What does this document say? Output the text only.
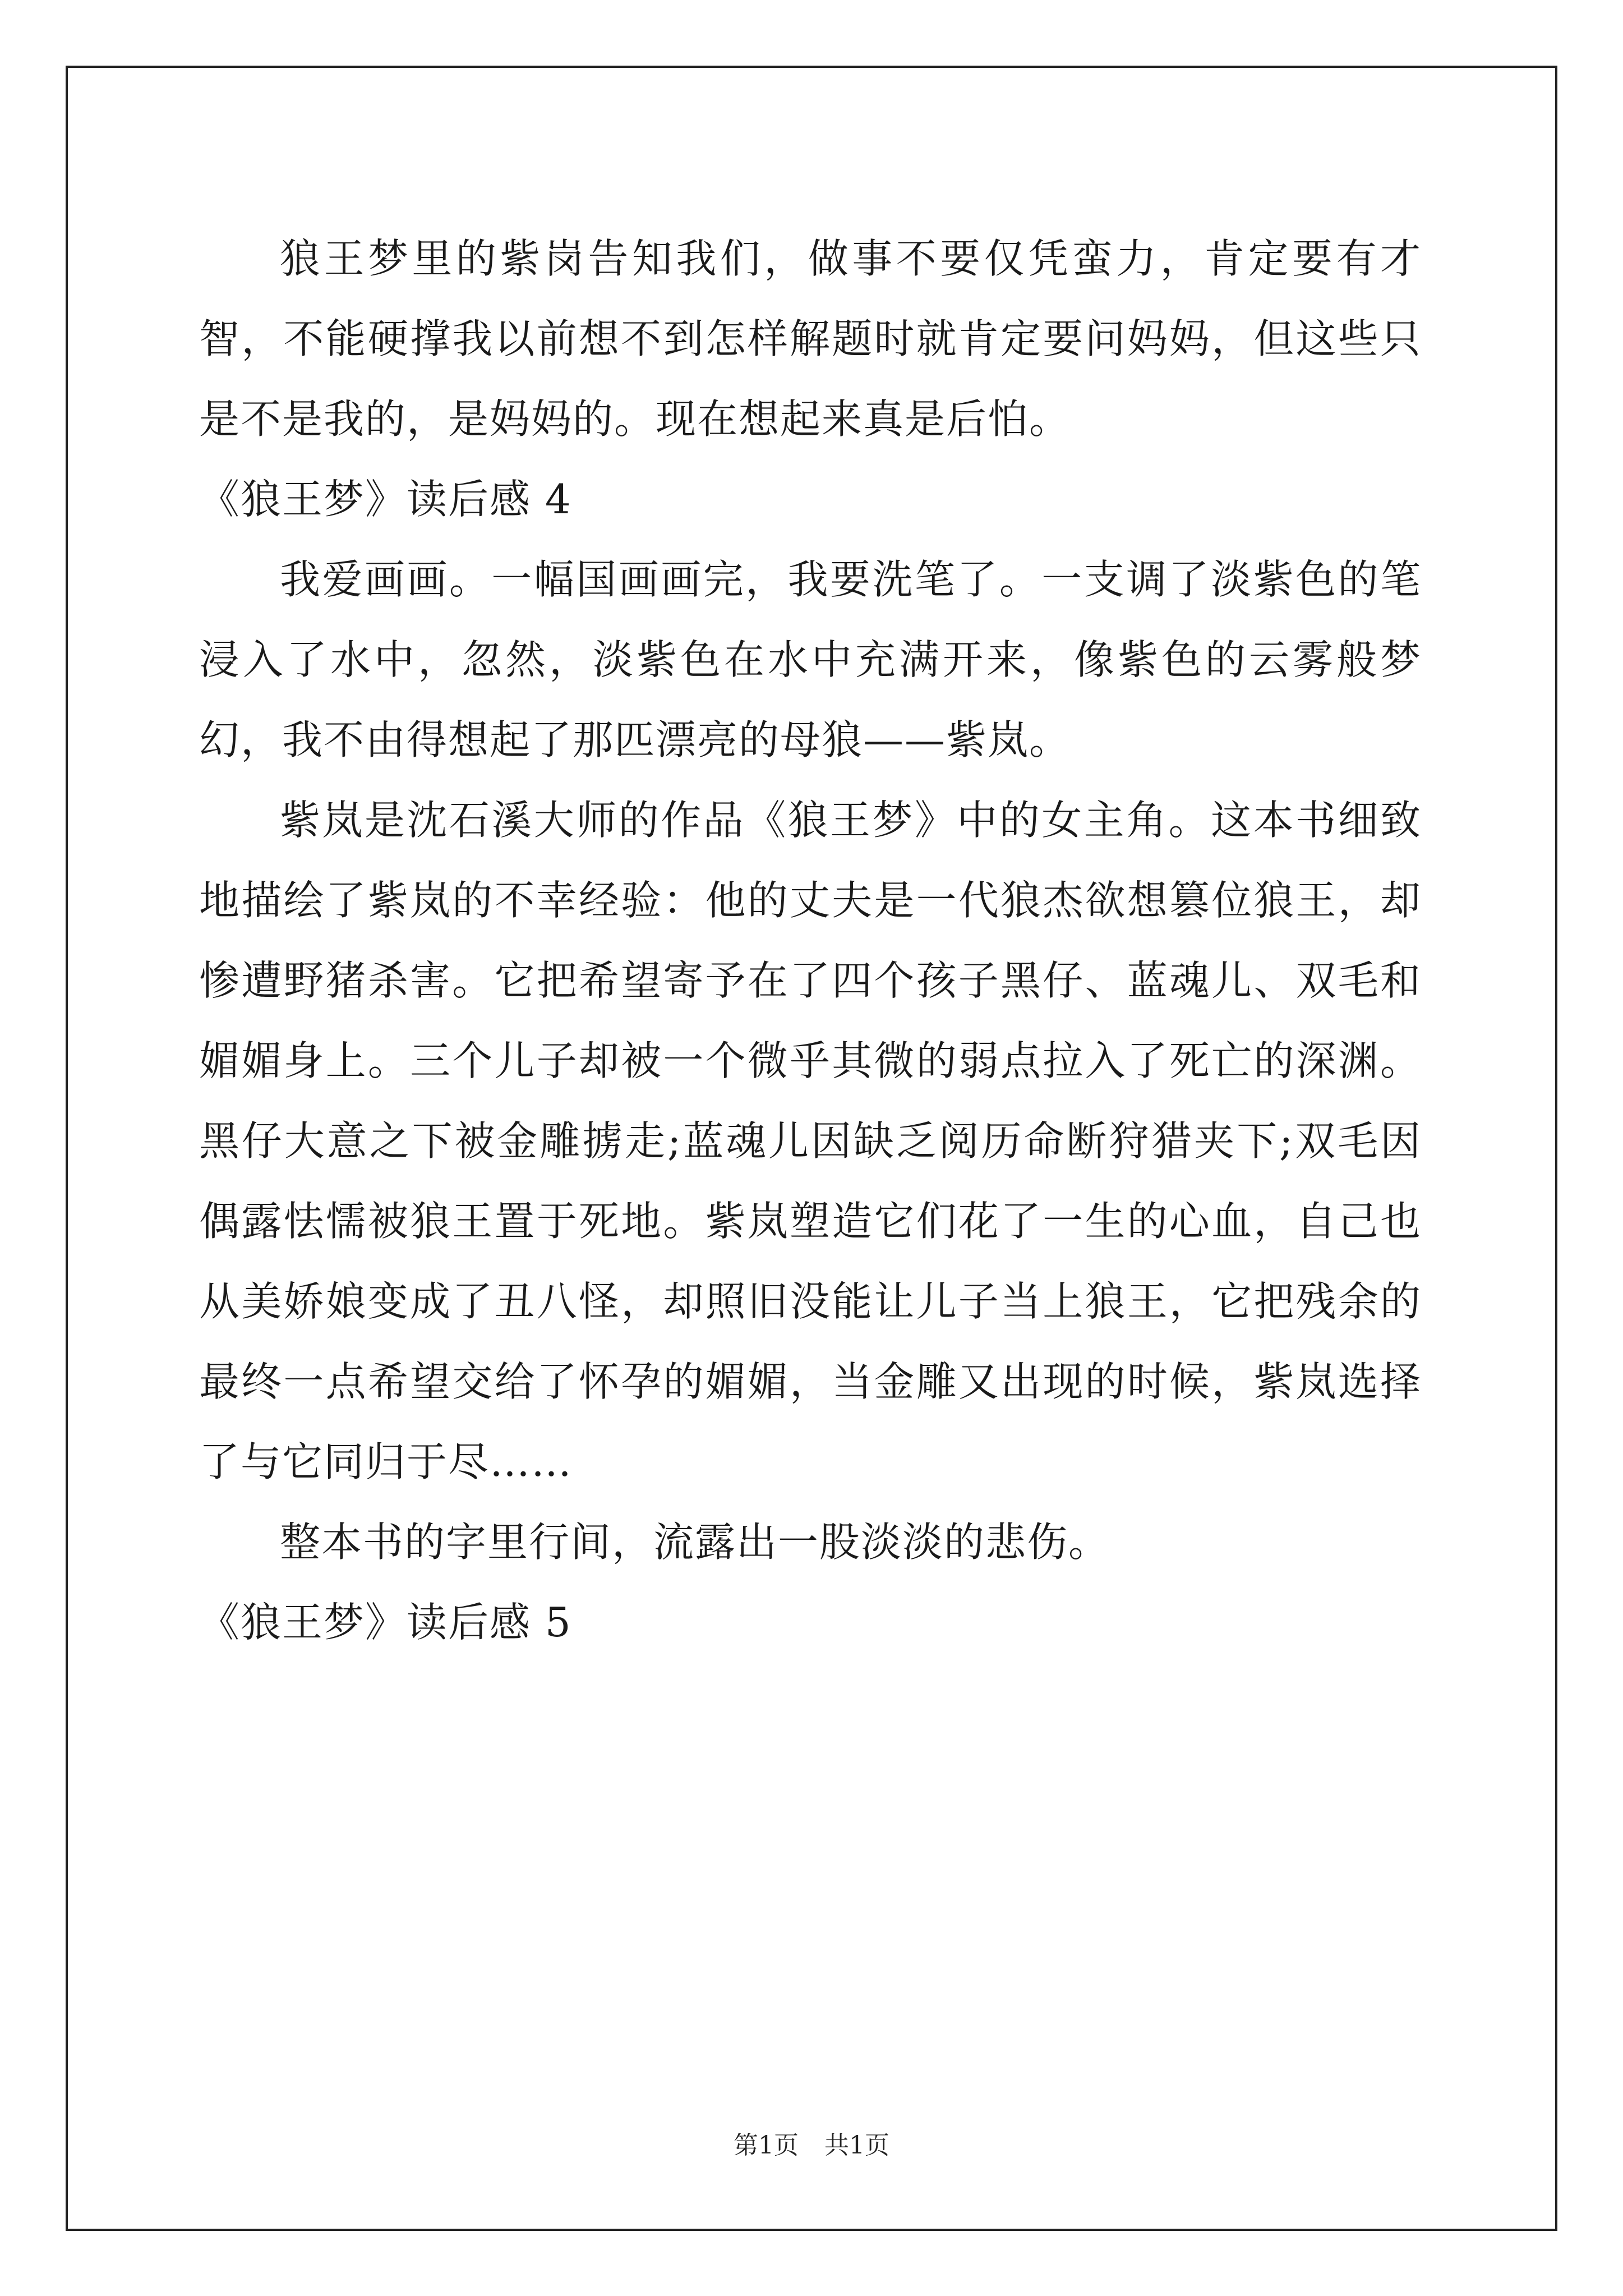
狼王梦里的紫岗告知我们，做事不要仅凭蛮力，肯定要有才智，不能硬撑我以前想不到怎样解题时就肯定要问妈妈，但这些只是不是我的，是妈妈的。现在想起来真是后怕。

《狼王梦》读后感 4

我爱画画。一幅国画画完，我要洗笔了。一支调了淡紫色的笔浸入了水中，忽然，淡紫色在水中充满开来，像紫色的云雾般梦幻，我不由得想起了那匹漂亮的母狼——紫岚。

紫岚是沈石溪大师的作品《狼王梦》中的女主角。这本书细致地描绘了紫岚的不幸经验：他的丈夫是一代狼杰欲想篡位狼王，却惨遭野猪杀害。它把希望寄予在了四个孩子黑仔、蓝魂儿、双毛和媚媚身上。三个儿子却被一个微乎其微的弱点拉入了死亡的深渊。黑仔大意之下被金雕掳走;蓝魂儿因缺乏阅历命断狩猎夹下;双毛因偶露怯懦被狼王置于死地。紫岚塑造它们花了一生的心血，自己也从美娇娘变成了丑八怪，却照旧没能让儿子当上狼王，它把残余的最终一点希望交给了怀孕的媚媚，当金雕又出现的时候，紫岚选择了与它同归于尽……

整本书的字里行间，流露出一股淡淡的悲伤。

《狼王梦》读后感 5

第1页 共1页
